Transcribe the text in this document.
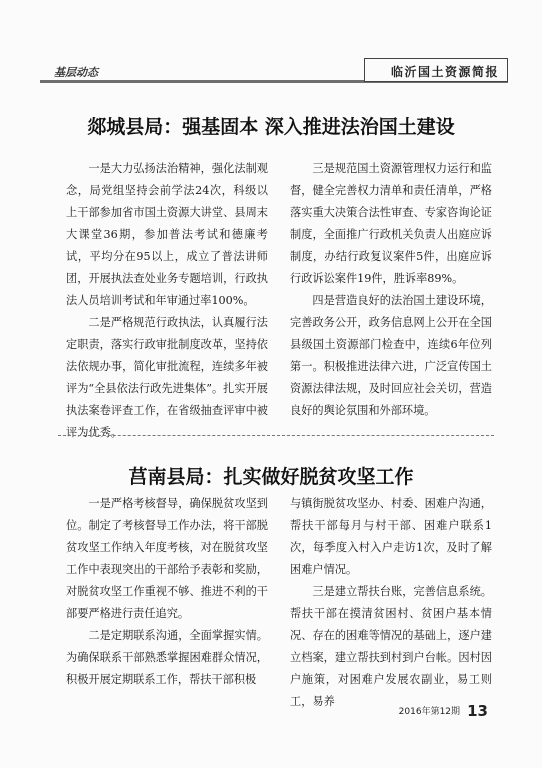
基层动态	临沂国土资源简报
郯城县局：强基固本 深入推进法治国土建设

一是大力弘扬法治精神，强化法制观念，局党组坚持会前学法24次，科级以上干部参加省市国土资源大讲堂、县周末大课堂36期，参加普法考试和德廉考试，平均分在95以上，成立了普法讲师团，开展执法查处业务专题培训，行政执法人员培训考试和年审通过率100%。

二是严格规范行政执法，认真履行法定职责，落实行政审批制度改革，坚持依法依规办事，简化审批流程，连续多年被评为“全县依法行政先进集体”。扎实开展执法案卷评查工作，在省级抽查评审中被评为优秀。

三是规范国土资源管理权力运行和监督，健全完善权力清单和责任清单，严格落实重大决策合法性审查、专家咨询论证制度，全面推广行政机关负责人出庭应诉制度，办结行政复议案件5件，出庭应诉行政诉讼案件19件，胜诉率89%。

四是营造良好的法治国土建设环境，完善政务公开，政务信息网上公开在全国县级国土资源部门检查中，连续6年位列第一。积极推进法律六进，广泛宣传国土资源法律法规，及时回应社会关切，营造良好的舆论氛围和外部环境。

莒南县局：扎实做好脱贫攻坚工作

一是严格考核督导，确保脱贫攻坚到位。制定了考核督导工作办法，将干部脱贫攻坚工作纳入年度考核，对在脱贫攻坚工作中表现突出的干部给予表彰和奖励，对脱贫攻坚工作重视不够、推进不利的干部要严格进行责任追究。

二是定期联系沟通，全面掌握实情。为确保联系干部熟悉掌握困难群众情况，积极开展定期联系工作，帮扶干部积极

与镇街脱贫攻坚办、村委、困难户沟通，帮扶干部每月与村干部、困难户联系1次，每季度入村入户走访1次，及时了解困难户情况。

三是建立帮扶台账，完善信息系统。帮扶干部在摸清贫困村、贫困户基本情况、存在的困难等情况的基础上，逐户建立档案，建立帮扶到村到户台帐。因村因户施策，对困难户发展农副业，易工则工，易养

2016年第12期 13
